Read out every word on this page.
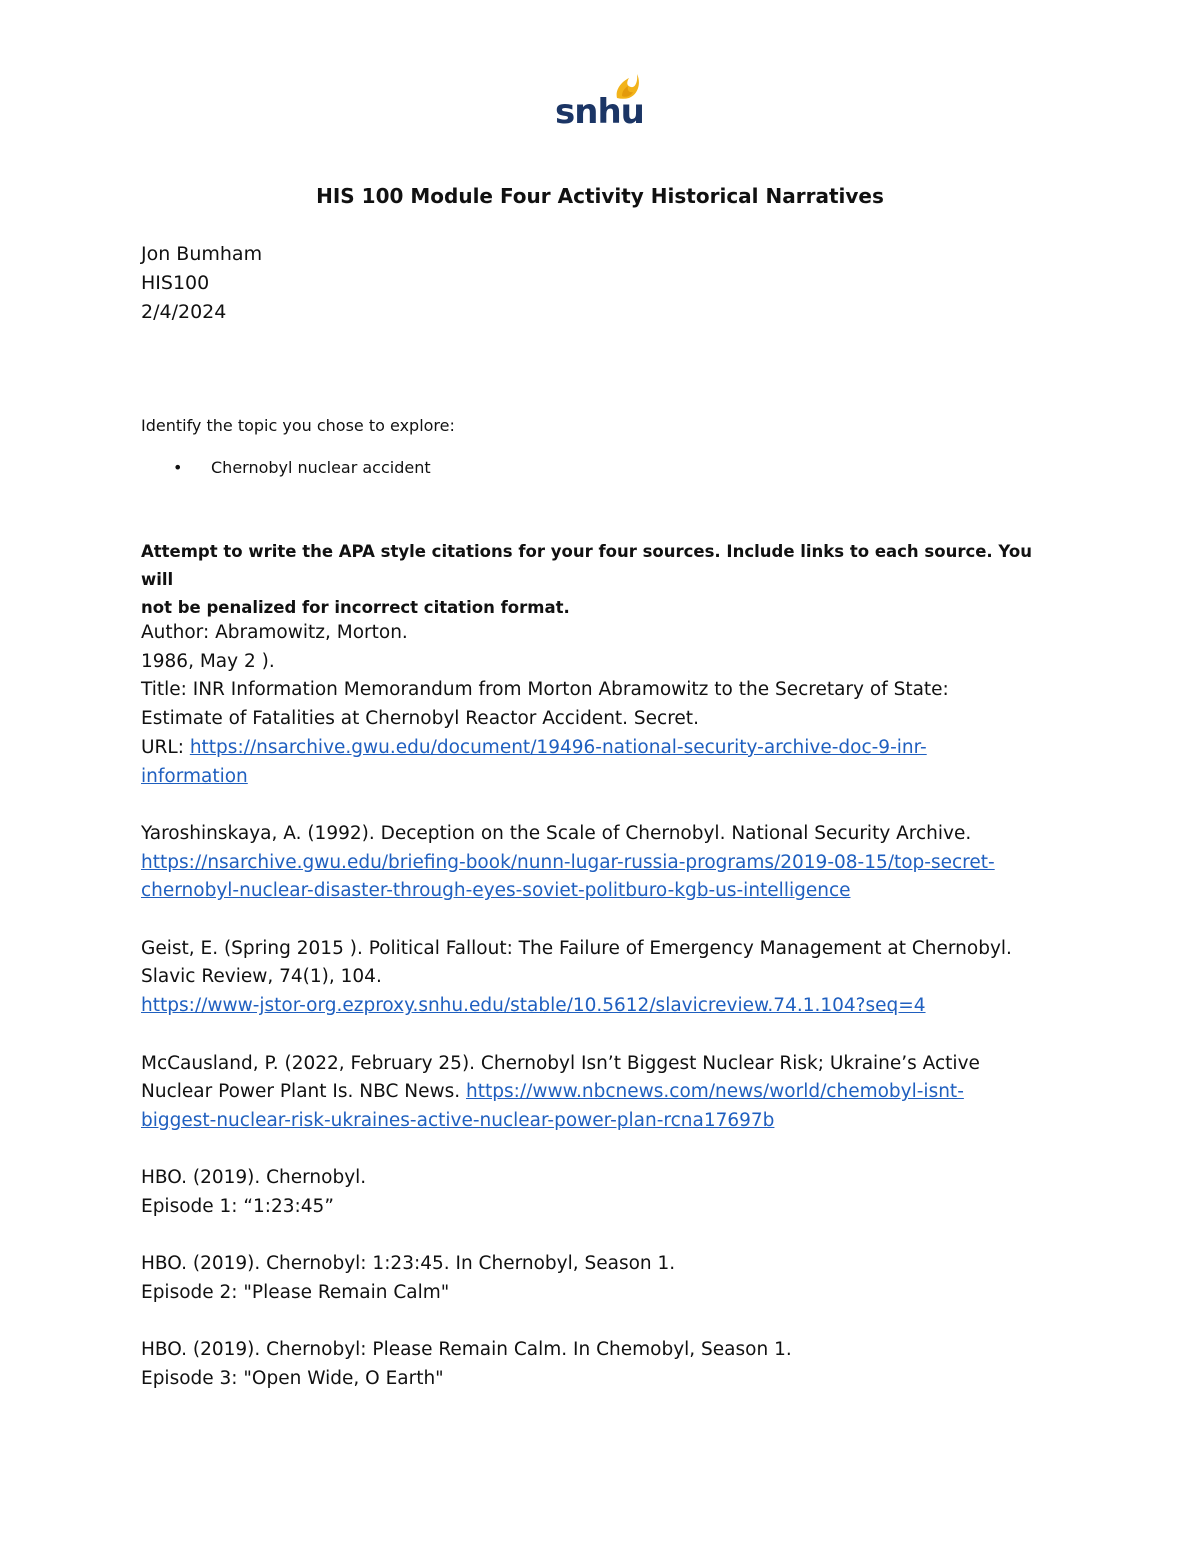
snhu
HIS 100 Module Four Activity Historical Narratives
Jon Bumham
HIS100
2/4/2024
Identify the topic you chose to explore:
• Chernobyl nuclear accident
Attempt to write the APA style citations for your four sources. Include links to each source. You will
not be penalized for incorrect citation format.
Author: Abramowitz, Morton.
1986, May 2 ).
Title: INR Information Memorandum from Morton Abramowitz to the Secretary of State:
Estimate of Fatalities at Chernobyl Reactor Accident. Secret.
URL: https://nsarchive.gwu.edu/document/19496-national-security-archive-doc-9-inr-
information
Yaroshinskaya, A. (1992). Deception on the Scale of Chernobyl. National Security Archive.
https://nsarchive.gwu.edu/briefing-book/nunn-lugar-russia-programs/2019-08-15/top-secret-
chernobyl-nuclear-disaster-through-eyes-soviet-politburo-kgb-us-intelligence
Geist, E. (Spring 2015 ). Political Fallout: The Failure of Emergency Management at Chernobyl.
Slavic Review, 74(1), 104.
https://www-jstor-org.ezproxy.snhu.edu/stable/10.5612/slavicreview.74.1.104?seq=4
McCausland, P. (2022, February 25). Chernobyl Isn’t Biggest Nuclear Risk; Ukraine’s Active
Nuclear Power Plant Is. NBC News. https://www.nbcnews.com/news/world/chemobyl-isnt-
biggest-nuclear-risk-ukraines-active-nuclear-power-plan-rcna17697b
HBO. (2019). Chernobyl.
Episode 1: “1:23:45”
HBO. (2019). Chernobyl: 1:23:45. In Chernobyl, Season 1.
Episode 2: "Please Remain Calm"
HBO. (2019). Chernobyl: Please Remain Calm. In Chemobyl, Season 1.
Episode 3: "Open Wide, O Earth"
